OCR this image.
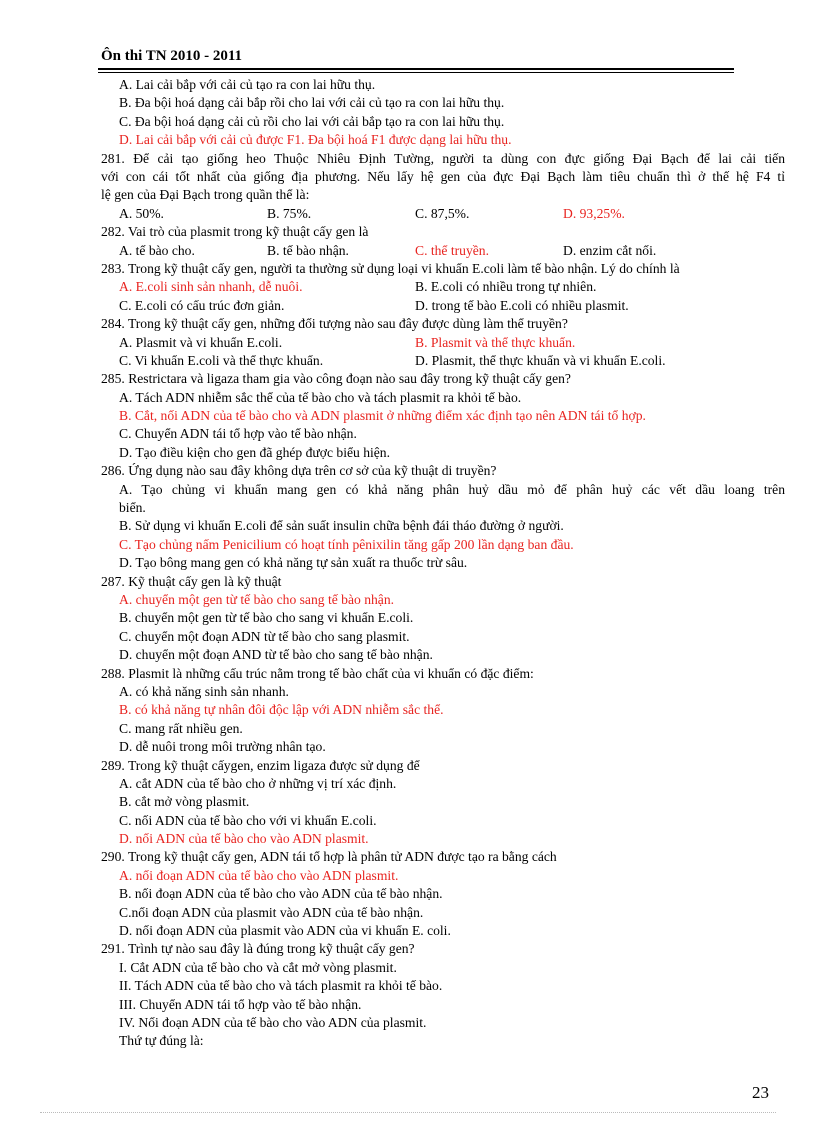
Ôn thi TN 2010 - 2011
A. Lai cải bắp với cải củ tạo ra con lai hữu thụ.
B. Đa bội hoá dạng cải bắp rồi cho lai với cải củ tạo ra con lai hữu thụ.
C. Đa bội hoá dạng cải củ rồi cho lai với cải bắp tạo ra con lai hữu thụ.
D. Lai cải bắp với cải củ được F1. Đa bội hoá F1 được dạng lai hữu thụ.
281. Để cải tạo giống heo Thuộc Nhiêu Định Tường, người ta dùng con đực giống Đại Bạch để lai cải tiến
với con cái tốt nhất của giống địa phương. Nếu lấy hệ gen của đực Đại Bạch làm tiêu chuẩn thì ở thế hệ F4 tỉ
lệ gen của Đại Bạch trong quần thể là:
A. 50%.	B. 75%.	C. 87,5%.	D. 93,25%.
282. Vai trò của plasmit trong kỹ thuật cấy gen là
A. tế bào cho.	B. tế bào nhận.	C. thể truyền.	D. enzim cắt nối.
283. Trong kỹ thuật cấy gen, người ta thường sử dụng loại vi khuẩn E.coli làm tế bào nhận. Lý do chính là
A. E.coli sinh sản nhanh, dễ nuôi.	B. E.coli có nhiều trong tự nhiên.
C. E.coli có cấu trúc đơn giản.	D. trong tế bào E.coli có nhiều plasmit.
284. Trong kỹ thuật cấy gen, những đối tượng nào sau đây được dùng làm thể truyền?
A. Plasmit và vi khuẩn E.coli.	B. Plasmit và thể thực khuẩn.
C. Vi khuẩn E.coli và thể thực khuẩn.	D. Plasmit, thể thực khuẩn và vi khuẩn E.coli.
285. Restrictara và ligaza tham gia vào công đoạn nào sau đây trong kỹ thuật cấy gen?
A. Tách ADN nhiễm sắc thể của tế bào cho và tách plasmit ra khỏi tế bào.
B. Cắt, nối ADN của tế bào cho và ADN plasmit ở những điểm xác định tạo nên ADN tái tổ hợp.
C. Chuyển ADN tái tổ hợp vào tế bào nhận.
D. Tạo điều kiện cho gen đã ghép được biểu hiện.
286. Ứng dụng nào sau đây không dựa trên cơ sở của kỹ thuật di truyền?
A. Tạo chủng vi khuẩn mang gen có khả năng phân huỷ dầu mỏ để phân huỷ các vết dầu loang trên
biển.
B. Sử dụng vi khuẩn E.coli để sản suất insulin chữa bệnh đái tháo đường ở người.
C. Tạo chủng nấm Penicilium có hoạt tính pênixilin tăng gấp 200 lần dạng ban đầu.
D. Tạo bông mang gen có khả năng tự sản xuất ra thuốc trừ sâu.
287. Kỹ thuật cấy gen là kỹ thuật
A. chuyển một gen từ tế bào cho sang tế bào nhận.
B. chuyển một gen từ tế bào cho sang vi khuẩn E.coli.
C. chuyển một đoạn ADN từ tế bào cho sang plasmit.
D. chuyển một đoạn AND từ tế bào cho sang tế bào nhận.
288. Plasmit là những cấu trúc nằm trong tế bào chất của vi khuẩn có đặc điểm:
A. có khả năng sinh sản nhanh.
B. có khả năng tự nhân đôi độc lập với ADN nhiễm sắc thể.
C. mang rất nhiều gen.
D. dễ nuôi trong môi trường nhân tạo.
289. Trong kỹ thuật cấygen, enzim ligaza được sử dụng để
A. cắt ADN của tế bào cho ở những vị trí xác định.
B. cắt mở vòng plasmit.
C. nối ADN của tế bào cho với vi khuẩn E.coli.
D. nối ADN của tế bào cho vào ADN plasmit.
290. Trong kỹ thuật cấy gen, ADN tái tổ hợp là phân tử ADN được tạo ra bằng cách
A. nối đoạn ADN của tế bào cho vào ADN plasmit.
B. nối đoạn ADN của tế bào cho vào ADN của tế bào nhận.
C.nối đoạn ADN của plasmit vào ADN của tế bào nhận.
D. nối đoạn ADN của plasmit vào ADN của vi khuẩn E. coli.
291. Trình tự nào sau đây là đúng trong kỹ thuật cấy gen?
I. Cắt ADN của tế bào cho và cắt mở vòng plasmit.
II. Tách ADN của tế bào cho và tách plasmit ra khỏi tế bào.
III. Chuyển ADN tái tổ hợp vào tế bào nhận.
IV. Nối đoạn ADN của tế bào cho vào ADN của plasmit.
Thứ tự đúng là:
23
